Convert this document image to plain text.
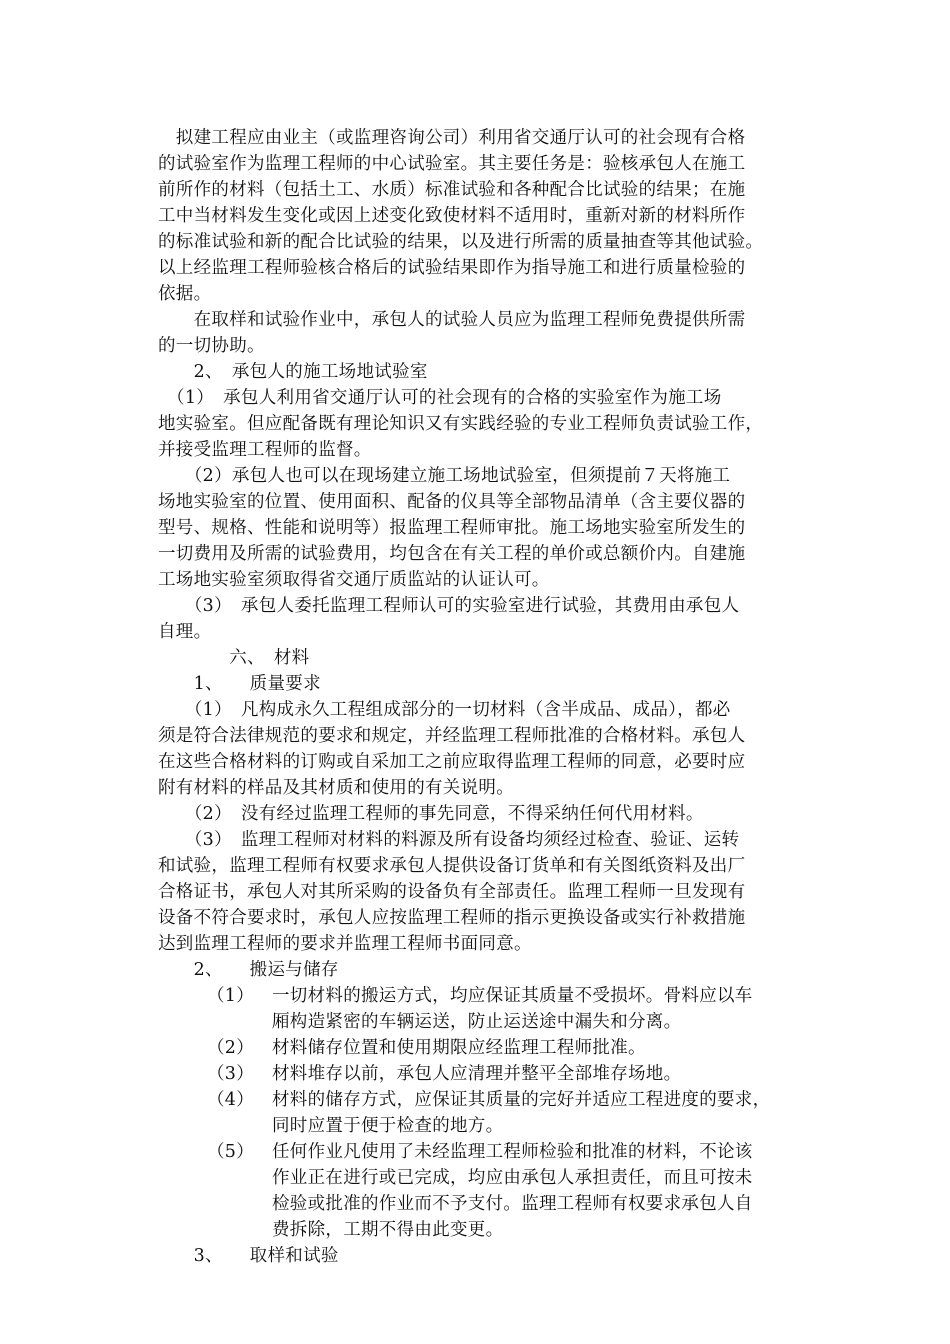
　拟建工程应由业主（或监理咨询公司）利用省交通厅认可的社会现有合格
的试验室作为监理工程师的中心试验室。其主要任务是：验核承包人在施工
前所作的材料（包括土工、水质）标准试验和各种配合比试验的结果；在施
工中当材料发生变化或因上述变化致使材料不适用时，重新对新的材料所作
的标准试验和新的配合比试验的结果，以及进行所需的质量抽查等其他试验。
以上经监理工程师验核合格后的试验结果即作为指导施工和进行质量检验的
依据。
　　在取样和试验作业中，承包人的试验人员应为监理工程师免费提供所需
的一切协助。
　　2、　承包人的施工场地试验室
　（1）　承包人利用省交通厅认可的社会现有的合格的实验室作为施工场
地实验室。但应配备既有理论知识又有实践经验的专业工程师负责试验工作，
并接受监理工程师的监督。
　　（2）承包人也可以在现场建立施工场地试验室，但须提前７天将施工
场地实验室的位置、使用面积、配备的仪具等全部物品清单（含主要仪器的
型号、规格、性能和说明等）报监理工程师审批。施工场地实验室所发生的
一切费用及所需的试验费用，均包含在有关工程的单价或总额价内。自建施
工场地实验室须取得省交通厅质监站的认证认可。
　　（3）　承包人委托监理工程师认可的实验室进行试验，其费用由承包人
自理。
　　　　六、　材料
　　1、　　质量要求
　　（1）　凡构成永久工程组成部分的一切材料（含半成品、成品），都必
须是符合法律规范的要求和规定，并经监理工程师批准的合格材料。承包人
在这些合格材料的订购或自采加工之前应取得监理工程师的同意，必要时应
附有材料的样品及其材质和使用的有关说明。
　　（2）　没有经过监理工程师的事先同意，不得采纳任何代用材料。
　　（3）　监理工程师对材料的料源及所有设备均须经过检查、验证、运转
和试验，监理工程师有权要求承包人提供设备订货单和有关图纸资料及出厂
合格证书，承包人对其所采购的设备负有全部责任。监理工程师一旦发现有
设备不符合要求时，承包人应按监理工程师的指示更换设备或实行补救措施
达到监理工程师的要求并监理工程师书面同意。
　　2、　　搬运与储存
（1） 一切材料的搬运方式，均应保证其质量不受损坏。骨料应以车
厢构造紧密的车辆运送，防止运送途中漏失和分离。
（2） 材料储存位置和使用期限应经监理工程师批准。
（3） 材料堆存以前，承包人应清理并整平全部堆存场地。
（4） 材料的储存方式，应保证其质量的完好并适应工程进度的要求，
同时应置于便于检查的地方。
（5） 任何作业凡使用了未经监理工程师检验和批准的材料，不论该
作业正在进行或已完成，均应由承包人承担责任，而且可按未
检验或批准的作业而不予支付。监理工程师有权要求承包人自
费拆除，工期不得由此变更。
　　3、　　取样和试验
